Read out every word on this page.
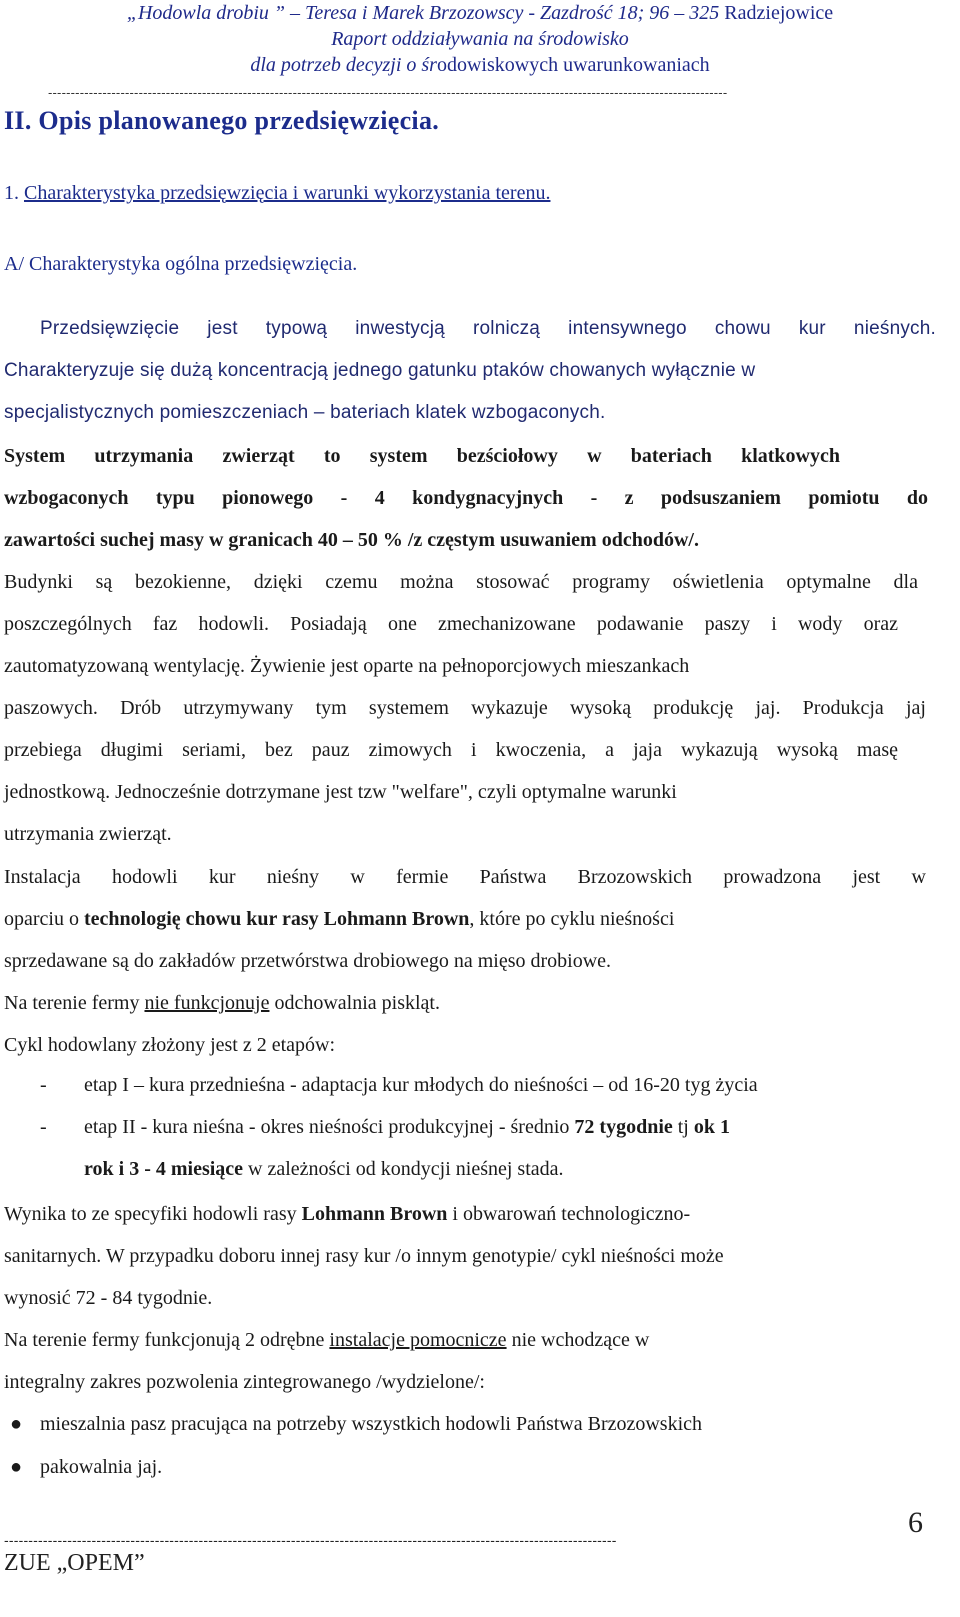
„Hodowla drobiu ” – Teresa i Marek Brzozowscy - Zazdrość 18; 96 – 325 Radziejowice
Raport oddziaływania na środowisko
dla potrzeb decyzji o środowiskowych uwarunkowaniach
------------------------------------------------------------------------------------------------------------------------------------------------------
II. Opis planowanego przedsięwzięcia.
1. Charakterystyka przedsięwzięcia i warunki wykorzystania terenu.
A/ Charakterystyka ogólna przedsięwzięcia.
Przedsięwzięcie jest typową inwestycją rolniczą intensywnego chowu kur nieśnych.
Charakteryzuje się dużą koncentracją jednego gatunku ptaków chowanych wyłącznie w
specjalistycznych pomieszczeniach – bateriach klatek wzbogaconych.
System utrzymania zwierząt to system bezściołowy w bateriach klatkowych
wzbogaconych typu pionowego - 4 kondygnacyjnych - z podsuszaniem pomiotu do
zawartości suchej masy w granicach 40 – 50 % /z częstym usuwaniem odchodów/.
Budynki są bezokienne, dzięki czemu można stosować programy oświetlenia optymalne dla
poszczególnych faz hodowli. Posiadają one zmechanizowane podawanie paszy i wody oraz
zautomatyzowaną wentylację. Żywienie jest oparte na pełnoporcjowych mieszankach
paszowych. Drób utrzymywany tym systemem wykazuje wysoką produkcję jaj. Produkcja jaj
przebiega długimi seriami, bez pauz zimowych i kwoczenia, a jaja wykazują wysoką masę
jednostkową. Jednocześnie dotrzymane jest tzw "welfare", czyli optymalne warunki
utrzymania zwierząt.
Instalacja hodowli kur nieśny w fermie Państwa Brzozowskich prowadzona jest w
oparciu o technologię chowu kur rasy Lohmann Brown, które po cyklu nieśności
sprzedawane są do zakładów przetwórstwa drobiowego na mięso drobiowe.
Na terenie fermy nie funkcjonuje odchowalnia piskląt.
Cykl hodowlany złożony jest z 2 etapów:
- etap I – kura przednieśna - adaptacja kur młodych do nieśności – od 16-20 tyg życia
- etap II - kura nieśna - okres nieśności produkcyjnej - średnio 72 tygodnie tj ok 1
rok i 3 - 4 miesiące w zależności od kondycji nieśnej stada.
Wynika to ze specyfiki hodowli rasy Lohmann Brown i obwarowań technologiczno-
sanitarnych. W przypadku doboru innej rasy kur /o innym genotypie/ cykl nieśności może
wynosić 72 - 84 tygodnie.
Na terenie fermy funkcjonują 2 odrębne instalacje pomocnicze nie wchodzące w
integralny zakres pozwolenia zintegrowanego /wydzielone/:
● mieszalnia pasz pracująca na potrzeby wszystkich hodowli Państwa Brzozowskich
● pakowalnia jaj.
------------------------------------------------------------------------------------------------------------------------------
6
ZUE „OPEM”
